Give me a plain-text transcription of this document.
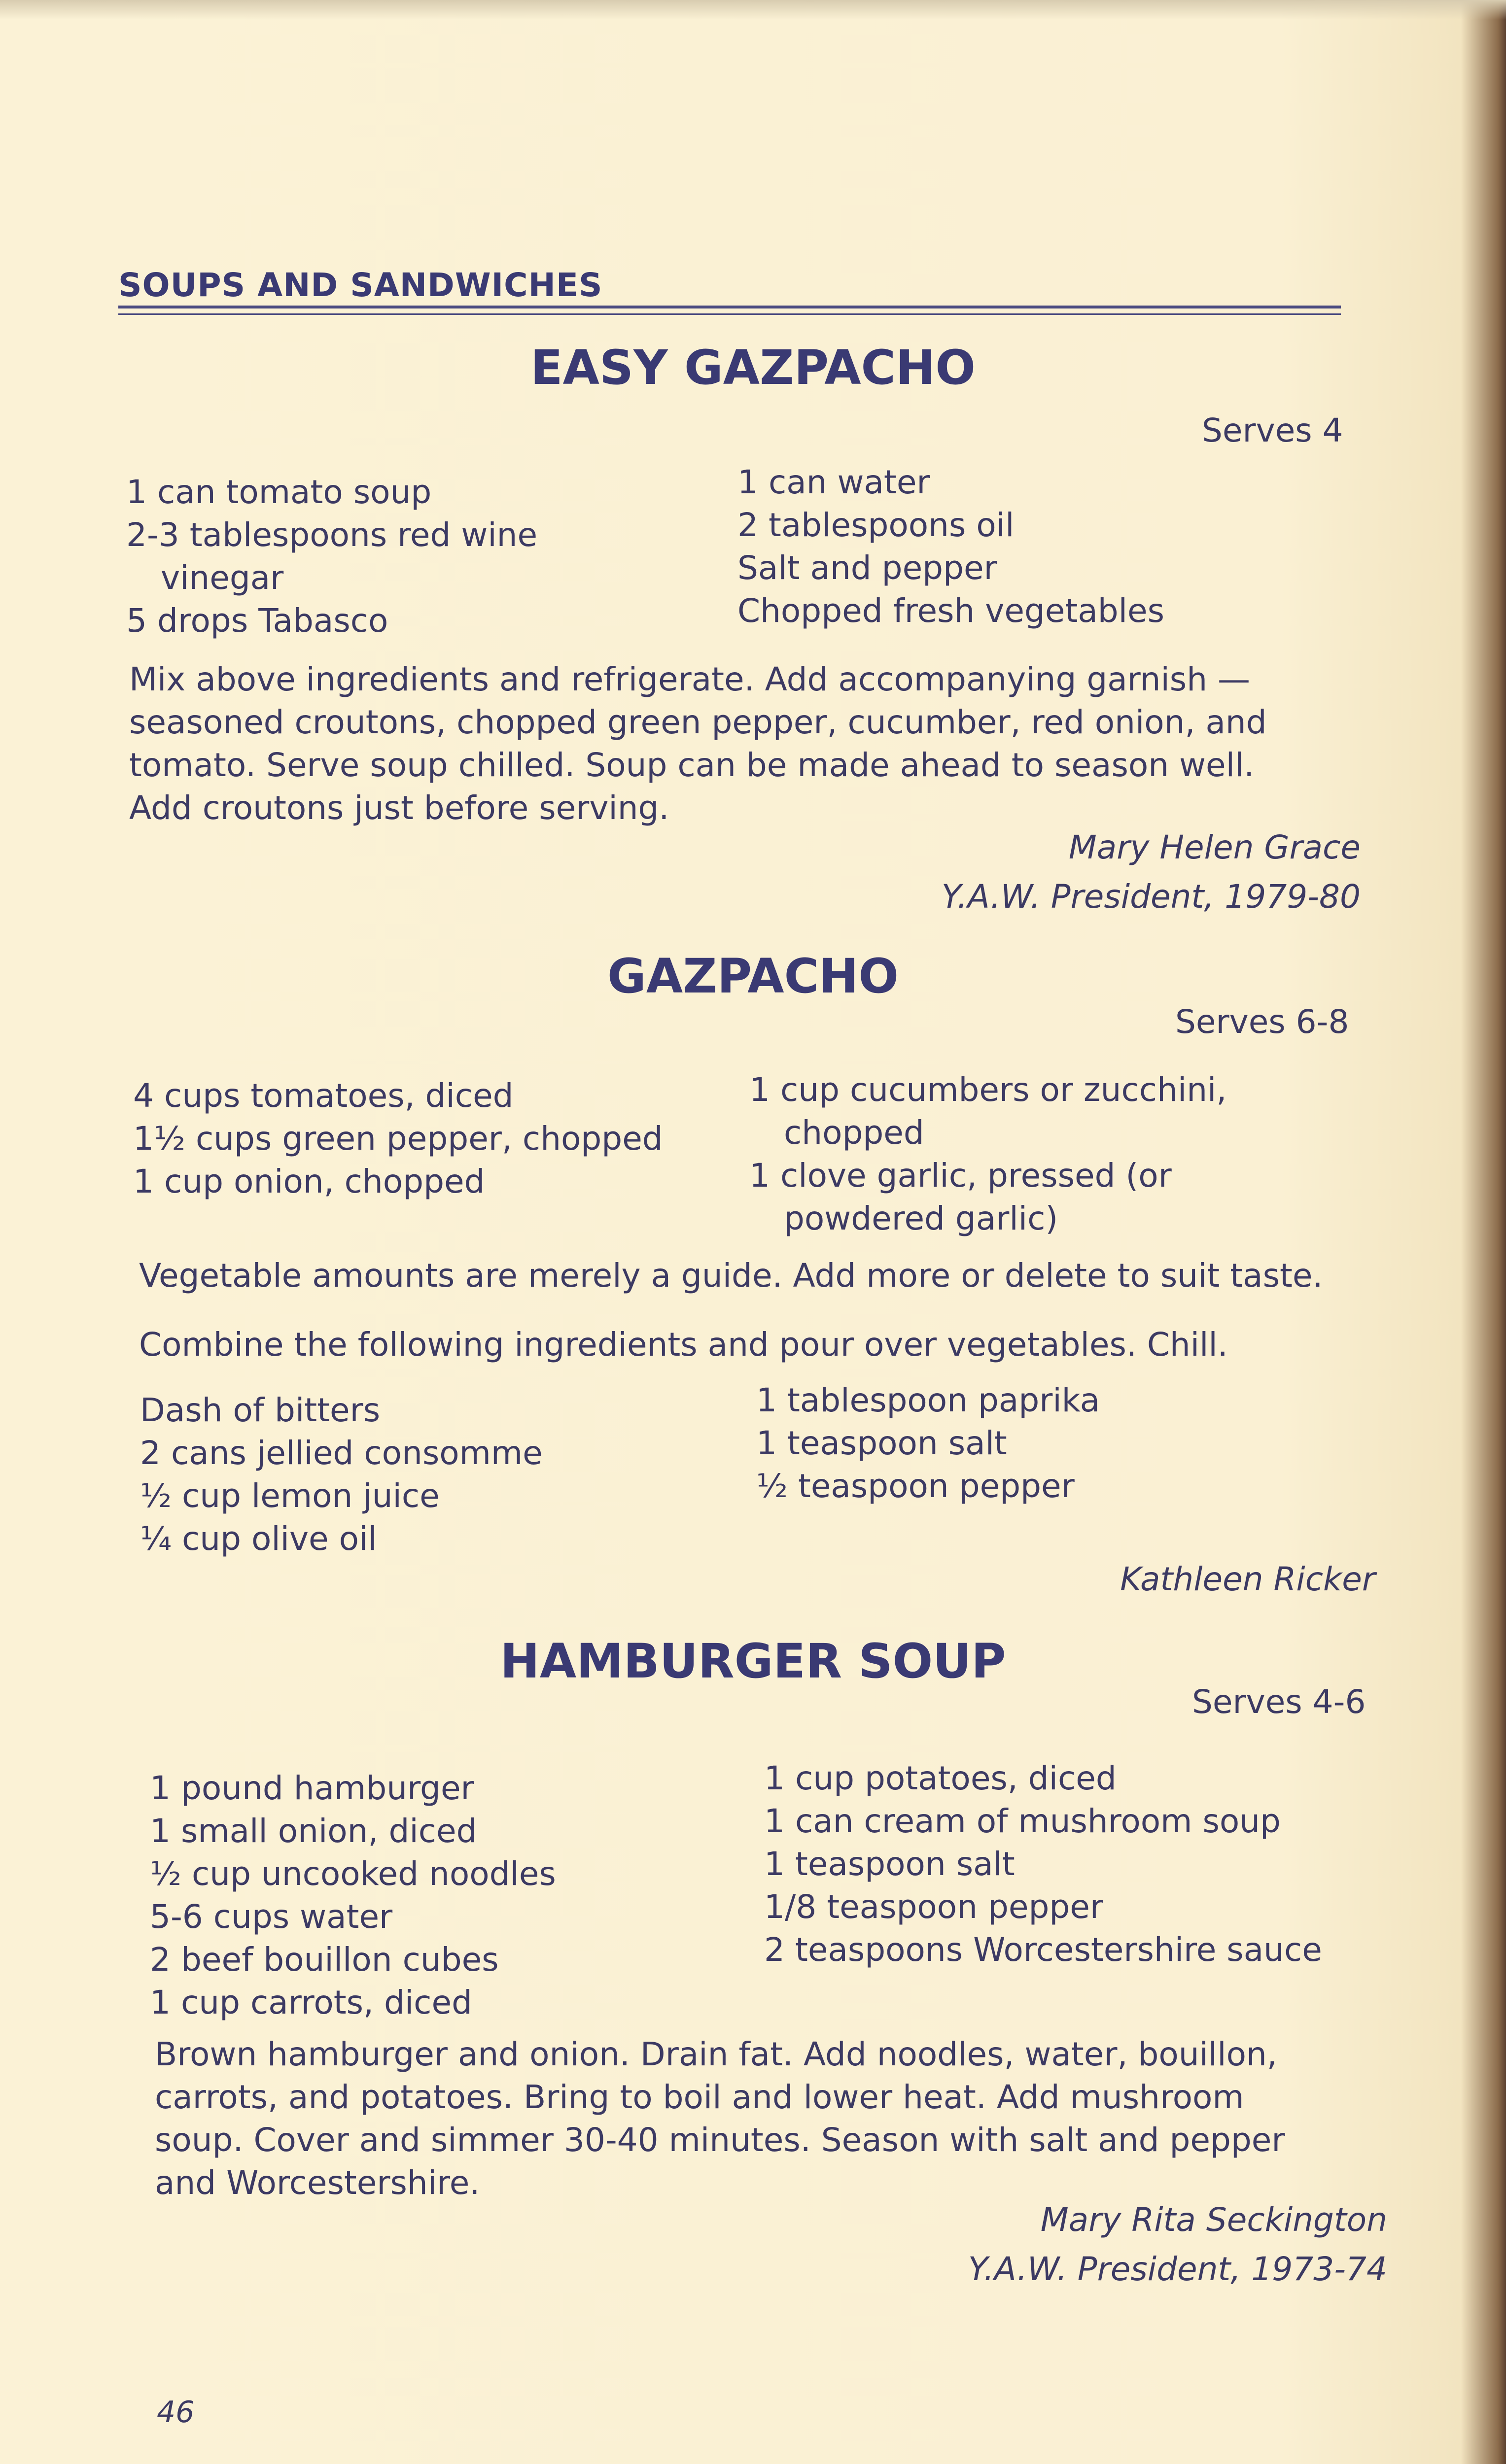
SOUPS AND SANDWICHES
EASY GAZPACHO
Serves 4
1 can tomato soup
2-3 tablespoons red wine
vinegar
5 drops Tabasco
1 can water
2 tablespoons oil
Salt and pepper
Chopped fresh vegetables
Mix above ingredients and refrigerate. Add accompanying garnish —
seasoned croutons, chopped green pepper, cucumber, red onion, and
tomato. Serve soup chilled. Soup can be made ahead to season well.
Add croutons just before serving.
Mary Helen Grace
Y.A.W. President, 1979-80
GAZPACHO
Serves 6-8
4 cups tomatoes, diced
1½ cups green pepper, chopped
1 cup onion, chopped
1 cup cucumbers or zucchini,
chopped
1 clove garlic, pressed (or
powdered garlic)
Vegetable amounts are merely a guide. Add more or delete to suit taste.
Combine the following ingredients and pour over vegetables. Chill.
Dash of bitters
2 cans jellied consomme
½ cup lemon juice
¼ cup olive oil
1 tablespoon paprika
1 teaspoon salt
½ teaspoon pepper
Kathleen Ricker
HAMBURGER SOUP
Serves 4-6
1 pound hamburger
1 small onion, diced
½ cup uncooked noodles
5-6 cups water
2 beef bouillon cubes
1 cup carrots, diced
1 cup potatoes, diced
1 can cream of mushroom soup
1 teaspoon salt
1/8 teaspoon pepper
2 teaspoons Worcestershire sauce
Brown hamburger and onion. Drain fat. Add noodles, water, bouillon,
carrots, and potatoes. Bring to boil and lower heat. Add mushroom
soup. Cover and simmer 30-40 minutes. Season with salt and pepper
and Worcestershire.
Mary Rita Seckington
Y.A.W. President, 1973-74
46
